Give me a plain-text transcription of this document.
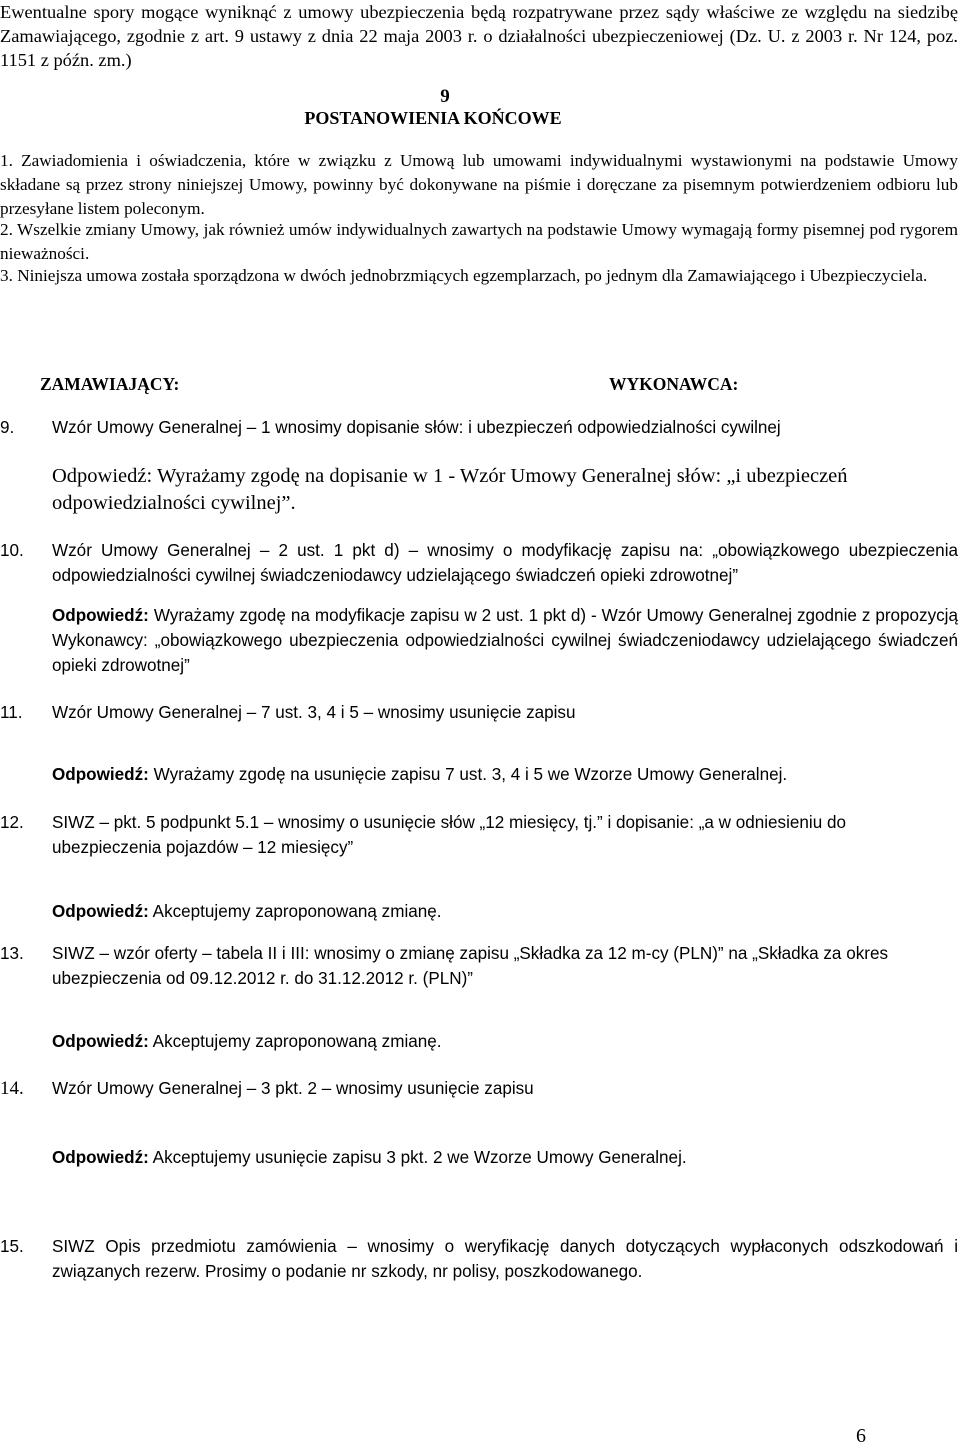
Ewentualne spory mogące wyniknąć z umowy ubezpieczenia będą rozpatrywane przez sądy właściwe ze względu na siedzibę Zamawiającego, zgodnie z art. 9 ustawy z dnia 22 maja 2003 r. o działalności ubezpieczeniowej (Dz. U. z 2003 r. Nr 124, poz. 1151 z późn. zm.)
9
POSTANOWIENIA KOŃCOWE
1. Zawiadomienia i oświadczenia, które w związku z Umową lub umowami indywidualnymi wystawionymi na podstawie Umowy składane są przez strony niniejszej Umowy, powinny być dokonywane na piśmie i doręczane za pisemnym potwierdzeniem odbioru lub przesyłane listem poleconym.
2. Wszelkie zmiany Umowy, jak również umów indywidualnych zawartych na podstawie Umowy wymagają formy pisemnej pod rygorem nieważności.
3. Niniejsza umowa została sporządzona w dwóch jednobrzmiących egzemplarzach, po jednym dla Zamawiającego i Ubezpieczyciela.
ZAMAWIAJĄCY:	WYKONAWCA:
9. Wzór Umowy Generalnej – 1 wnosimy dopisanie słów: i ubezpieczeń odpowiedzialności cywilnej
Odpowiedź: Wyrażamy zgodę na dopisanie w 1 - Wzór Umowy Generalnej słów: „i ubezpieczeń odpowiedzialności cywilnej”.
10. Wzór Umowy Generalnej – 2 ust. 1 pkt d) – wnosimy o modyfikację zapisu na: „obowiązkowego ubezpieczenia odpowiedzialności cywilnej świadczeniodawcy udzielającego świadczeń opieki zdrowotnej”
Odpowiedź: Wyrażamy zgodę na modyfikacje zapisu w 2 ust. 1 pkt d) - Wzór Umowy Generalnej zgodnie z propozycją Wykonawcy: „obowiązkowego ubezpieczenia odpowiedzialności cywilnej świadczeniodawcy udzielającego świadczeń opieki zdrowotnej”
11. Wzór Umowy Generalnej – 7 ust. 3, 4 i 5 – wnosimy usunięcie zapisu
Odpowiedź: Wyrażamy zgodę na usunięcie zapisu 7 ust. 3, 4 i 5 we Wzorze Umowy Generalnej.
12. SIWZ – pkt. 5 podpunkt 5.1 – wnosimy o usunięcie słów „12 miesięcy, tj.” i dopisanie: „a w odniesieniu do ubezpieczenia pojazdów – 12 miesięcy”
Odpowiedź: Akceptujemy zaproponowaną zmianę.
13. SIWZ – wzór oferty – tabela II i III: wnosimy o zmianę zapisu „Składka za 12 m-cy (PLN)” na „Składka za okres ubezpieczenia od 09.12.2012 r. do 31.12.2012 r. (PLN)”
Odpowiedź: Akceptujemy zaproponowaną zmianę.
14. Wzór Umowy Generalnej – 3 pkt. 2 – wnosimy usunięcie zapisu
Odpowiedź: Akceptujemy usunięcie zapisu 3 pkt. 2 we Wzorze Umowy Generalnej.
15. SIWZ Opis przedmiotu zamówienia – wnosimy o weryfikację danych dotyczących wypłaconych odszkodowań i związanych rezerw. Prosimy o podanie nr szkody, nr polisy, poszkodowanego.
6
